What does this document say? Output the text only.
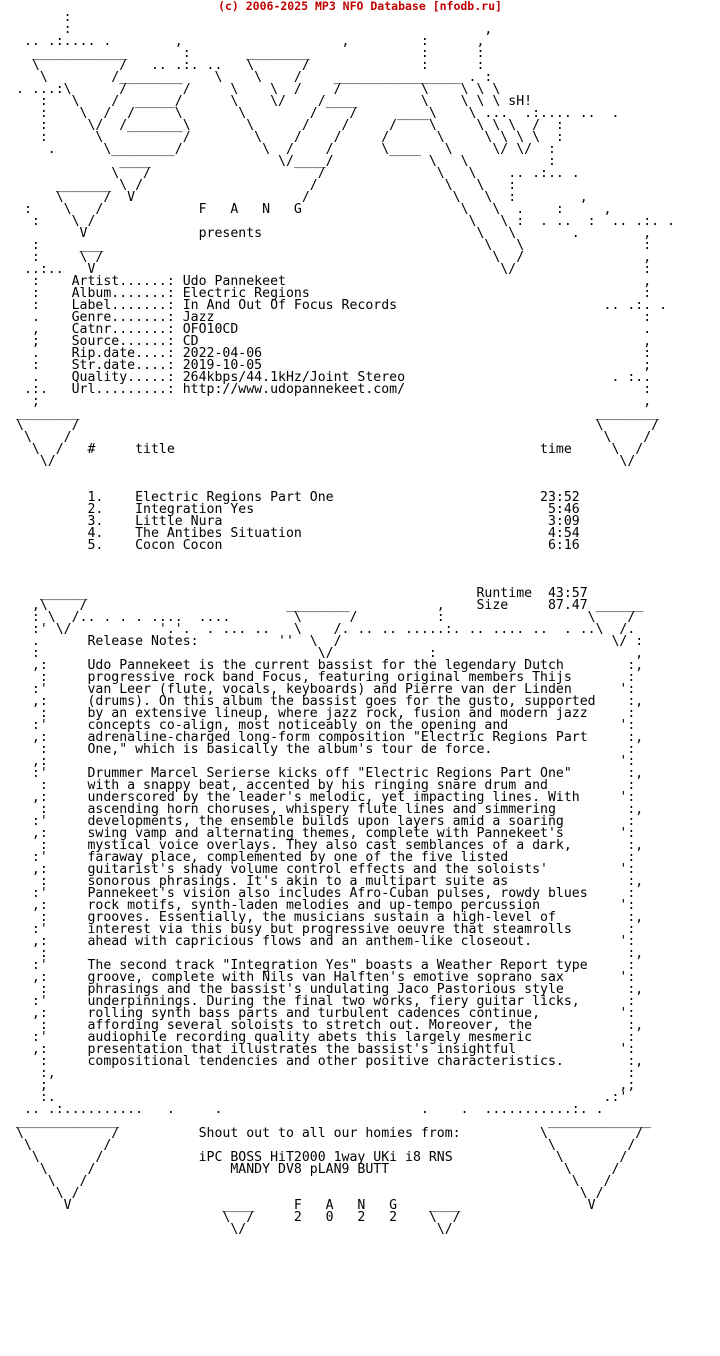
(c) 2006-2025 MP3 NFO Database [nfodb.ru]
:
:                                                    ,
.. .:.... .        ,                    ,         :      ,
____________       :       ________              :      :
\          /   .. .:. ..   \      /              :      :
\        /________    \    \    /    ________________ . :
. ...:\      /       /     \    \  /    /          \    \ \ \
:   \    /  _____/      \    \/    /____        \    \ \ \ sH!
:    \  /  /     \       \        /    /     ____\    \ ...  .:.... ..  .
:     \/  /_______\       \      /    /     /    \     \ \ \  /  :
:      \          /        \    /    /     /      \     \ \ \ \  :
.      \________/          \  /    /      \____   \     \/ \/  :
____                \/____/            \   \          :
\   /                     /              \   \    .. .:.. .
_______ \ /                     /                \   \   :
\     /  V                     /                  \   \  :        ,
:    \   /            F   A   N   G                    \   \  .    :     ,
:    \ /                                               \   \ :  . ..  :  .. .:. .
V              presents                           \   \       .        ,
:     ___                                                \   \               :
:     \ /                                                 \  /               ,
..:..   V                                                   \/                :
:    Artist......: Udo Pannekeet                                             ,
:    Album.......: Electric Regions                                          :
:    Label.......: In And Out Of Focus Records                          .. .:. .
.    Genre.......: Jazz                                                      :
,    Catnr.......: OFO10CD                                                   .
;    Source......: CD                                                        ,
.    Rip.date....: 2022-04-06                                                :
:    Str.date....: 2019-10-05                                                ;
.    Quality.....: 264kbps/44.1kHz/Joint Stereo                          . :..
.:.   Url.........: http://www.udopannekeet.com/                              :
;                                                                            ,
________                                                                 ________
\      /                                                                 \      /
\    /                                                                   \    /
\  /   #     title                                              time     \  /
\/                                                                       \/

1.    Electric Regions Part One                          23:52
2.    Integration Yes                                     5:46
3.    Little Nura                                         3:09
4.    The Antibes Situation                               4:54
5.    Cocon Cocon                                         6:16

______                                                 Runtime  43:57
,\    /                         ________           ,    Size     87.47 ______
: \  /.. . . . ....  ....        \      /          :                  \    /
:' \/           '.'.  . ... ..   \    /. .. .. .....:. .. .... ..  . ..\  /.
.      Release Notes:          ''  \  /                                  \/ :
:                                   \/            :                         ,
,:     Udo Pannekeet is the current bassist for the legendary Dutch        :,
:     progressive rock band Focus, featuring original members Thijs       :
:'     van Leer (flute, vocals, keyboards) and Pierre van der Linden      ':
,:     (drums). On this album the bassist goes for the gusto, supported    :,
:     by an extensive lineup, where jazz rock, fusion and modern jazz     :
:'     concepts co-align, most noticeably on the opening and              ':
,:     adrenaline-charged long-form composition "Electric Regions Part     :,
:     One," which is basically the album's tour de force.                 :
,:                                                                        ':
:'     Drummer Marcel Serierse kicks off "Electric Regions Part One"       :,
:     with a snappy beat, accented by his ringing snare drum and          :
,:     underscored by the leader's melodic, yet impacting lines. With     ':
:     ascending horn choruses, whispery flute lines and simmering         :,
:'     developments, the ensemble builds upon layers amid a soaring        :
,:     swing vamp and alternating themes, complete with Pannekeet's       ':
:     mystical voice overlays. They also cast semblances of a dark,       :,
:'     faraway place, complemented by one of the five listed               :
,:     guitarist's shady volume control effects and the soloists'         ':
:     sonorous phrasings. It's akin to a multipart suite as               :,
:'     Pannekeet's vision also includes Afro-Cuban pulses, rowdy blues     :
,:     rock motifs, synth-laden melodies and up-tempo percussion          ':
:     grooves. Essentially, the musicians sustain a high-level of         :,
:'     interest via this busy but progressive oeuvre that steamrolls       :
,:     ahead with capricious flows and an anthem-like closeout.           ':
:                                                                         :,
:'     The second track "Integration Yes" boasts a Weather Report type     :
,:     groove, complete with Nils van Halften's emotive soprano sax       ':
:     phrasings and the bassist's undulating Jaco Pastorious style        :,
:'     underpinnings. During the final two works, fiery guitar licks,      :
,:     rolling synth bass parts and turbulent cadences continue,          ':
:     affording several soloists to stretch out. Moreover, the            :,
:'     audiophile recording quality abets this largely mesmeric            :
,:     presentation that illustrates the bassist's insightful             ':
:     compositional tendencies and other positive characteristics.        :,
:,                                                                        :
;                                                                        ,;
:.                                                                     .:'
.. .:..........   .     .                         .    .  ...........:. .
_____________                                                      _____________
\           /          Shout out to all our homies from:          \           /
\         /                                                       \         /
\       /            iPC BOSS HiT2000 1way UKi i8 RNS             \       /
\     /                 MANDY DV8 pLAN9 BUTT                      \     /
\   /                                                             \   /
\ /                                                               \ /
V                   ____     F   A   N   G    ____                V
\  /     2   0   2   2    \  /
\/                        \/
